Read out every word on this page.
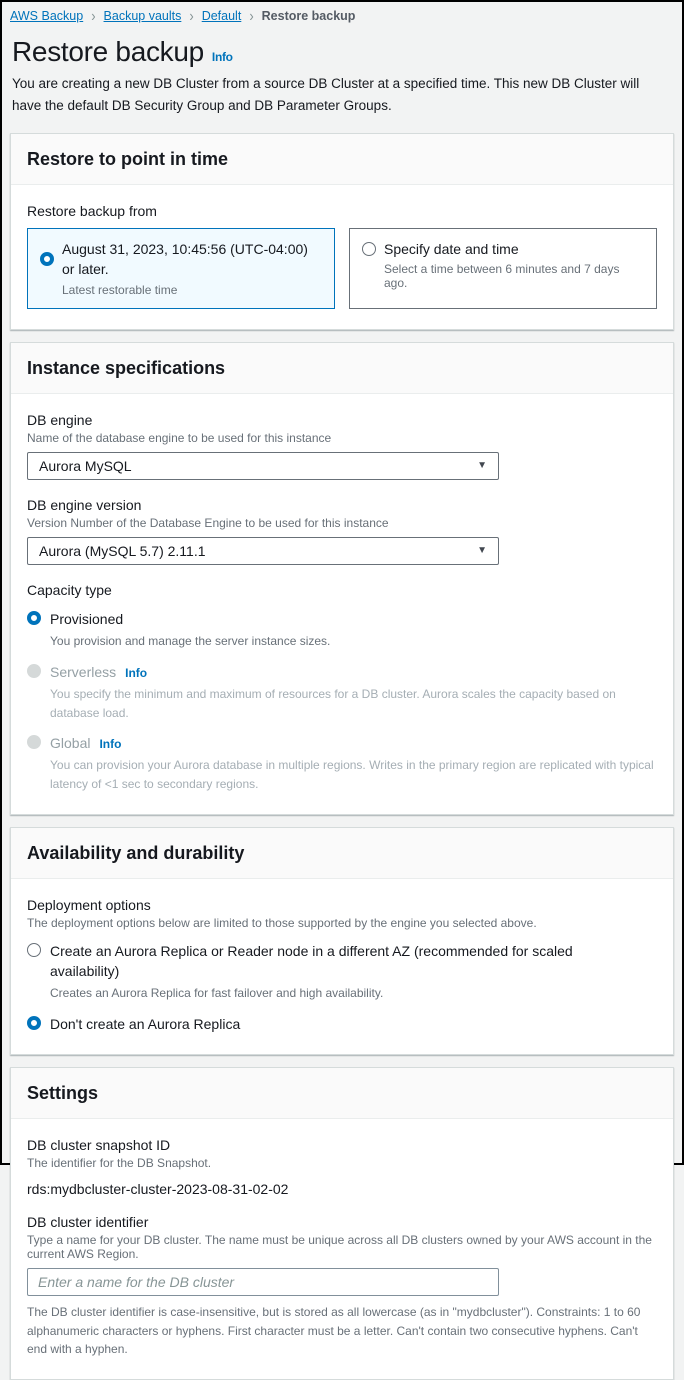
AWS Backup › Backup vaults › Default › Restore backup
Restore backup Info

You are creating a new DB Cluster from a source DB Cluster at a specified time. This new DB Cluster will have the default DB Security Group and DB Parameter Groups.

Restore to point in time
Restore backup from
August 31, 2023, 10:45:56 (UTC-04:00) or later.
Latest restorable time
Specify date and time
Select a time between 6 minutes and 7 days ago.
Instance specifications
DB engine
Name of the database engine to be used for this instance
Aurora MySQL	▼
DB engine version
Version Number of the Database Engine to be used for this instance
Aurora (MySQL 5.7) 2.11.1	▼
Capacity type
Provisioned
You provision and manage the server instance sizes.
Serverless Info
You specify the minimum and maximum of resources for a DB cluster. Aurora scales the capacity based on database load.
Global Info
You can provision your Aurora database in multiple regions. Writes in the primary region are replicated with typical latency of <1 sec to secondary regions.
Availability and durability
Deployment options
The deployment options below are limited to those supported by the engine you selected above.
Create an Aurora Replica or Reader node in a different AZ (recommended for scaled availability)
Creates an Aurora Replica for fast failover and high availability.
Don't create an Aurora Replica
Settings
DB cluster snapshot ID
The identifier for the DB Snapshot.
rds:mydbcluster-cluster-2023-08-31-02-02
DB cluster identifier
Type a name for your DB cluster. The name must be unique across all DB clusters owned by your AWS account in the current AWS Region.
Enter a name for the DB cluster
The DB cluster identifier is case-insensitive, but is stored as all lowercase (as in "mydbcluster"). Constraints: 1 to 60 alphanumeric characters or hyphens. First character must be a letter. Can't contain two consecutive hyphens. Can't end with a hyphen.
